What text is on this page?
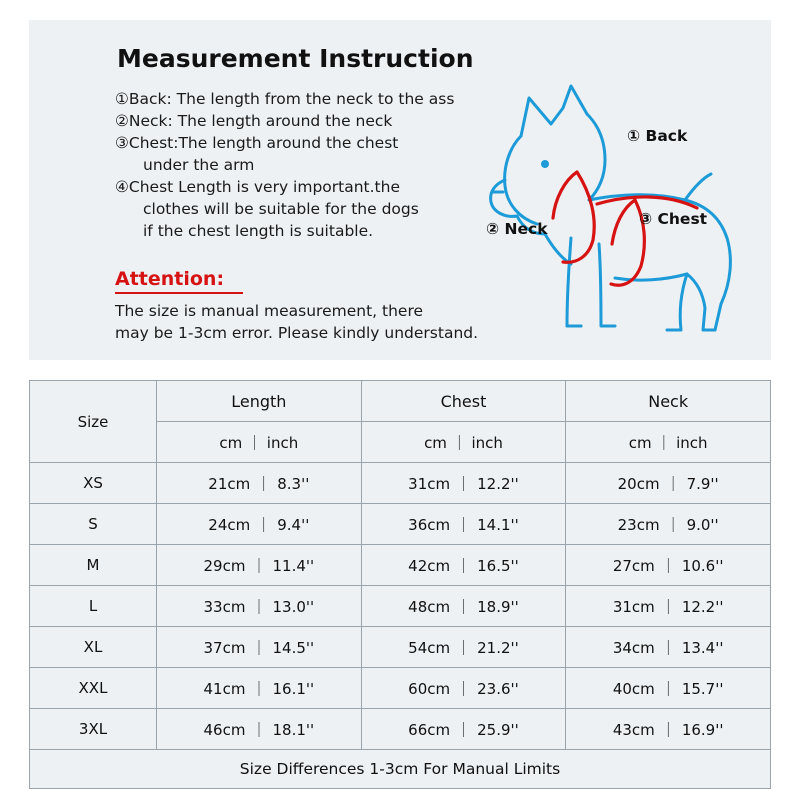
Measurement Instruction
①Back: The length from the neck to the ass
②Neck: The length around the neck
③Chest:The length around the chest
under the arm
④Chest Length is very important.the
clothes will be suitable for the dogs
if the chest length is suitable.
Attention:
The size is manual measurement, there
may be 1-3cm error. Please kindly understand.
① Back
② Neck
③ Chest
Size	Length	Chest	Neck
	cm ｜ inch	cm ｜ inch	cm ｜ inch
XS	21cm ｜ 8.3''	31cm ｜ 12.2''	20cm ｜ 7.9''
S	24cm ｜ 9.4''	36cm ｜ 14.1''	23cm ｜ 9.0''
M	29cm ｜ 11.4''	42cm ｜ 16.5''	27cm ｜ 10.6''
L	33cm ｜ 13.0''	48cm ｜ 18.9''	31cm ｜ 12.2''
XL	37cm ｜ 14.5''	54cm ｜ 21.2''	34cm ｜ 13.4''
XXL	41cm ｜ 16.1''	60cm ｜ 23.6''	40cm ｜ 15.7''
3XL	46cm ｜ 18.1''	66cm ｜ 25.9''	43cm ｜ 16.9''
Size Differences 1-3cm For Manual Limits			
